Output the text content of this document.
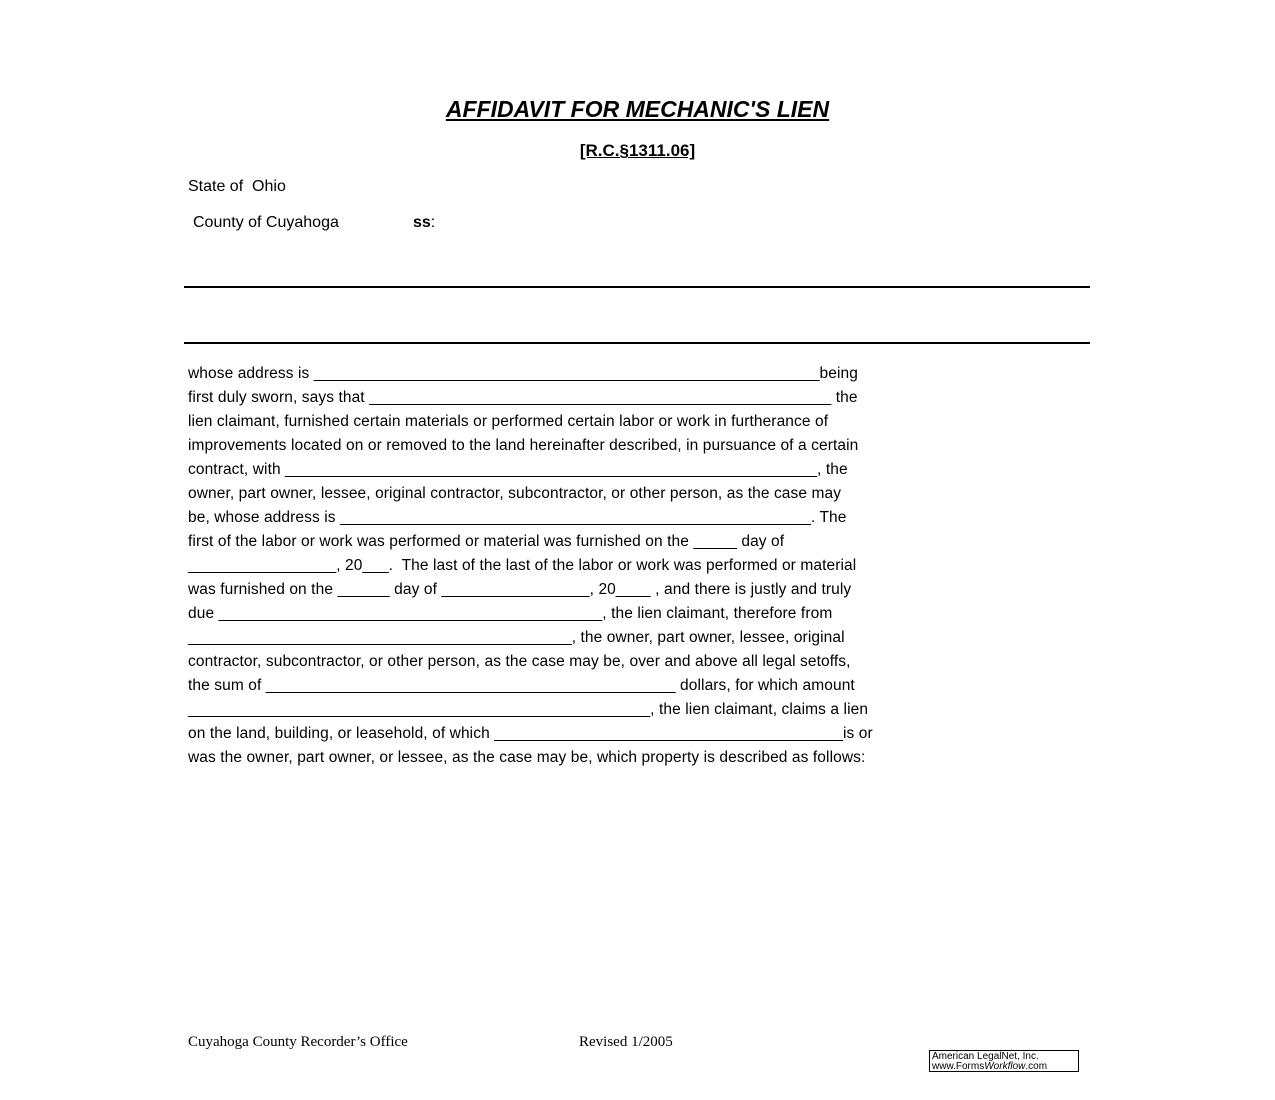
AFFIDAVIT FOR MECHANIC'S LIEN
[R.C.§1311.06]
State of  Ohio
County of Cuyahoga	ss:
whose address is __________________________________________________________being
first duly sworn, says that _____________________________________________________ the
lien claimant, furnished certain materials or performed certain labor or work in furtherance of
improvements located on or removed to the land hereinafter described, in pursuance of a certain
contract, with _____________________________________________________________, the
owner, part owner, lessee, original contractor, subcontractor, or other person, as the case may
be, whose address is ______________________________________________________. The
first of the labor or work was performed or material was furnished on the _____ day of
_________________, 20___.  The last of the last of the labor or work was performed or material
was furnished on the ______ day of _________________, 20____ , and there is justly and truly
due ____________________________________________, the lien claimant, therefore from
____________________________________________, the owner, part owner, lessee, original
contractor, subcontractor, or other person, as the case may be, over and above all legal setoffs,
the sum of _______________________________________________ dollars, for which amount
_____________________________________________________, the lien claimant, claims a lien
on the land, building, or leasehold, of which ________________________________________is or
was the owner, part owner, or lessee, as the case may be, which property is described as follows:
Cuyahoga County Recorder’s Office	Revised 1/2005
American LegalNet, Inc.
www.FormsWorkflow.com
